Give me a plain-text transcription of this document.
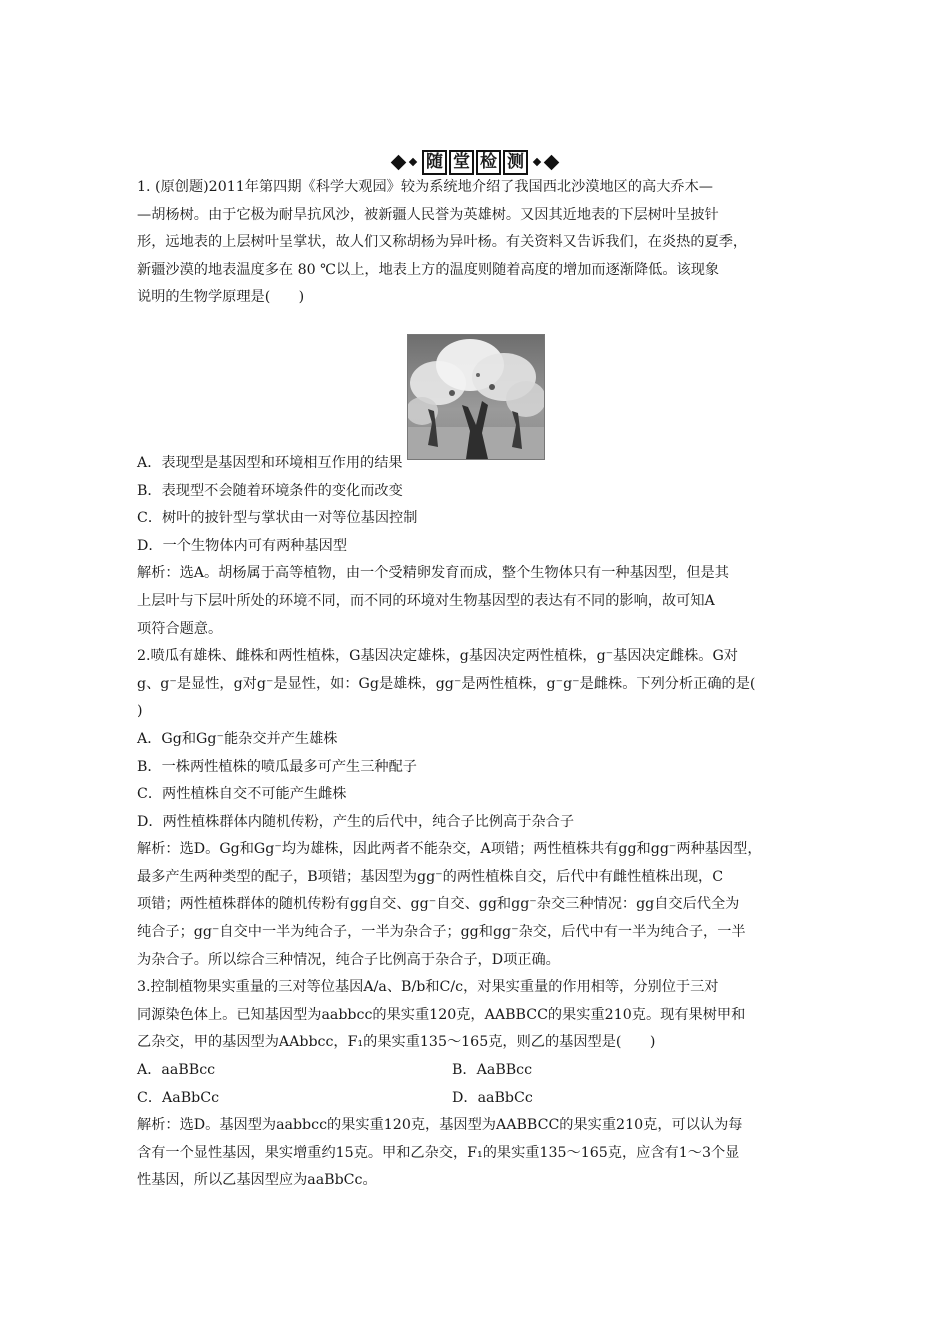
随 堂 检 测
1. (原创题)2011年第四期《科学大观园》较为系统地介绍了我国西北沙漠地区的高大乔木—
—胡杨树。由于它极为耐旱抗风沙，被新疆人民誉为英雄树。又因其近地表的下层树叶呈披针
形，远地表的上层树叶呈掌状，故人们又称胡杨为异叶杨。有关资料又告诉我们，在炎热的夏季，
新疆沙漠的地表温度多在 80 ℃以上，地表上方的温度则随着高度的增加而逐渐降低。该现象
说明的生物学原理是(　　)
A．表现型是基因型和环境相互作用的结果
B．表现型不会随着环境条件的变化而改变
C．树叶的披针型与掌状由一对等位基因控制
D．一个生物体内可有两种基因型
解析：选A。胡杨属于高等植物，由一个受精卵发育而成，整个生物体只有一种基因型，但是其
上层叶与下层叶所处的环境不同，而不同的环境对生物基因型的表达有不同的影响，故可知A
项符合题意。
2.喷瓜有雄株、雌株和两性植株，G基因决定雄株，g基因决定两性植株，g⁻基因决定雌株。G对
g、g⁻是显性，g对g⁻是显性，如：Gg是雄株，gg⁻是两性植株，g⁻g⁻是雌株。下列分析正确的是(
)
A．Gg和Gg⁻能杂交并产生雄株
B．一株两性植株的喷瓜最多可产生三种配子
C．两性植株自交不可能产生雌株
D．两性植株群体内随机传粉，产生的后代中，纯合子比例高于杂合子
解析：选D。Gg和Gg⁻均为雄株，因此两者不能杂交，A项错；两性植株共有gg和gg⁻两种基因型，
最多产生两种类型的配子，B项错；基因型为gg⁻的两性植株自交，后代中有雌性植株出现，C
项错；两性植株群体的随机传粉有gg自交、gg⁻自交、gg和gg⁻杂交三种情况：gg自交后代全为
纯合子；gg⁻自交中一半为纯合子，一半为杂合子；gg和gg⁻杂交，后代中有一半为纯合子，一半
为杂合子。所以综合三种情况，纯合子比例高于杂合子，D项正确。
3.控制植物果实重量的三对等位基因A/a、B/b和C/c，对果实重量的作用相等，分别位于三对
同源染色体上。已知基因型为aabbcc的果实重120克，AABBCC的果实重210克。现有果树甲和
乙杂交，甲的基因型为AAbbcc，F₁的果实重135～165克，则乙的基因型是(　　)
A．aaBBcc	B．AaBBcc
C．AaBbCc	D．aaBbCc
解析：选D。基因型为aabbcc的果实重120克，基因型为AABBCC的果实重210克，可以认为每
含有一个显性基因，果实增重约15克。甲和乙杂交，F₁的果实重135～165克，应含有1～3个显
性基因，所以乙基因型应为aaBbCc。
